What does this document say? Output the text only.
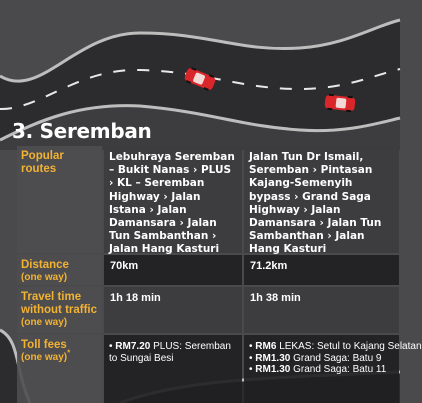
3. Seremban
Popular routes
Lebuhraya Seremban – Bukit Nanas › PLUS › KL – Seremban Highway › Jalan Istana › Jalan Damansara › Jalan Tun Sambanthan › Jalan Hang Kasturi
Jalan Tun Dr Ismail, Seremban › Pintasan Kajang-Semenyih bypass › Grand Saga Highway › Jalan Damansara › Jalan Tun Sambanthan › Jalan Hang Kasturi
Distance
(one way)
70km	71.2km
Travel time without traffic
(one way)
1h 18 min	1h 38 min
Toll fees
(one way)*
• RM7.20 PLUS: Seremban to Sungai Besi
• RM6 LEKAS: Setul to Kajang Selatan
• RM1.30 Grand Saga: Batu 9
• RM1.30 Grand Saga: Batu 11
